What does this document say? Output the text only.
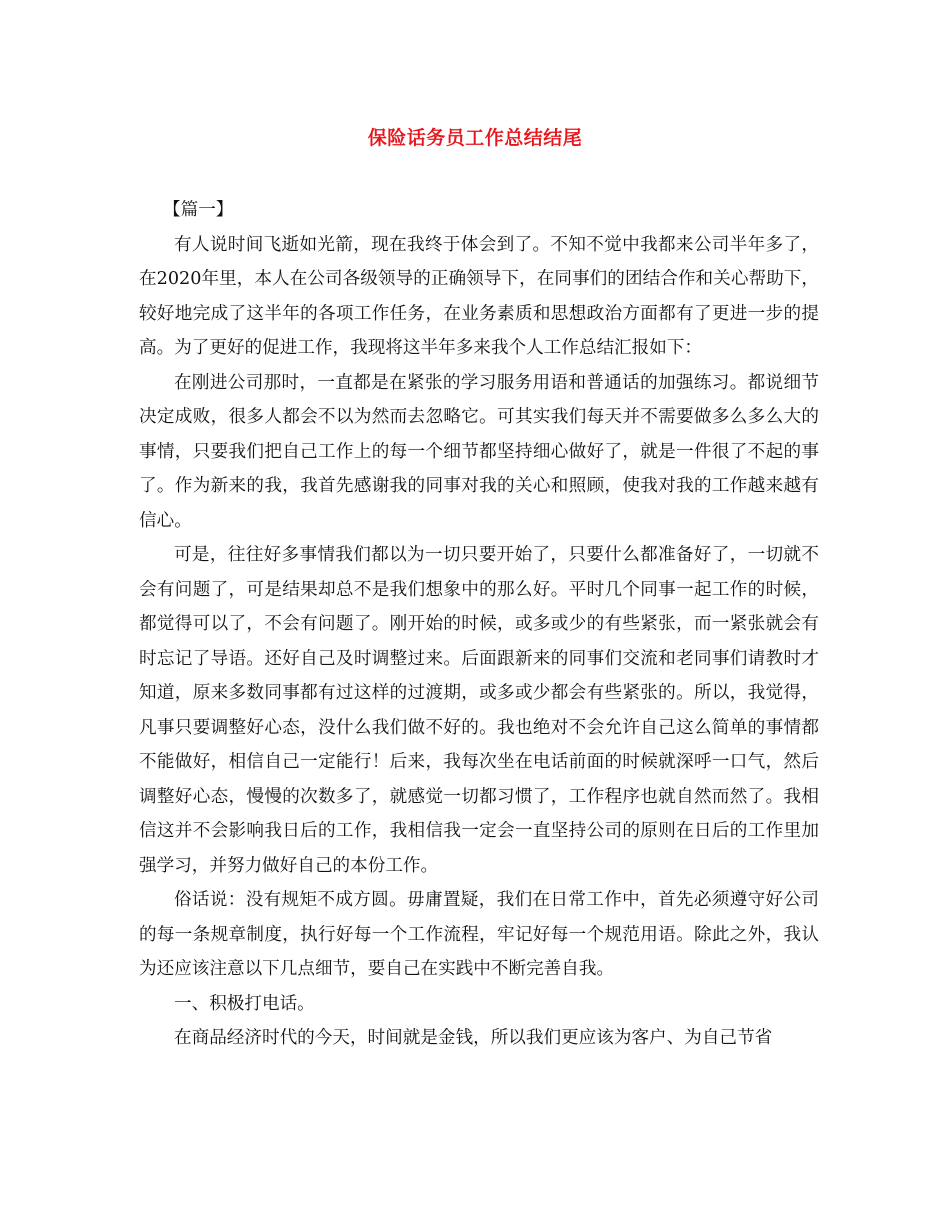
保险话务员工作总结结尾

【篇一】

有人说时间飞逝如光箭，现在我终于体会到了。不知不觉中我都来公司半年多了，在2020年里，本人在公司各级领导的正确领导下，在同事们的团结合作和关心帮助下，较好地完成了这半年的各项工作任务，在业务素质和思想政治方面都有了更进一步的提高。为了更好的促进工作，我现将这半年多来我个人工作总结汇报如下：

在刚进公司那时，一直都是在紧张的学习服务用语和普通话的加强练习。都说细节决定成败，很多人都会不以为然而去忽略它。可其实我们每天并不需要做多么多么大的事情，只要我们把自己工作上的每一个细节都坚持细心做好了，就是一件很了不起的事了。作为新来的我，我首先感谢我的同事对我的关心和照顾，使我对我的工作越来越有信心。

可是，往往好多事情我们都以为一切只要开始了，只要什么都准备好了，一切就不会有问题了，可是结果却总不是我们想象中的那么好。平时几个同事一起工作的时候，都觉得可以了，不会有问题了。刚开始的时候，或多或少的有些紧张，而一紧张就会有时忘记了导语。还好自己及时调整过来。后面跟新来的同事们交流和老同事们请教时才知道，原来多数同事都有过这样的过渡期，或多或少都会有些紧张的。所以，我觉得，凡事只要调整好心态，没什么我们做不好的。我也绝对不会允许自己这么简单的事情都不能做好，相信自己一定能行！后来，我每次坐在电话前面的时候就深呼一口气，然后调整好心态，慢慢的次数多了，就感觉一切都习惯了，工作程序也就自然而然了。我相信这并不会影响我日后的工作，我相信我一定会一直坚持公司的原则在日后的工作里加强学习，并努力做好自己的本份工作。

俗话说：没有规矩不成方圆。毋庸置疑，我们在日常工作中，首先必须遵守好公司的每一条规章制度，执行好每一个工作流程，牢记好每一个规范用语。除此之外，我认为还应该注意以下几点细节，要自己在实践中不断完善自我。

一、积极打电话。

在商品经济时代的今天，时间就是金钱，所以我们更应该为客户、为自己节省
